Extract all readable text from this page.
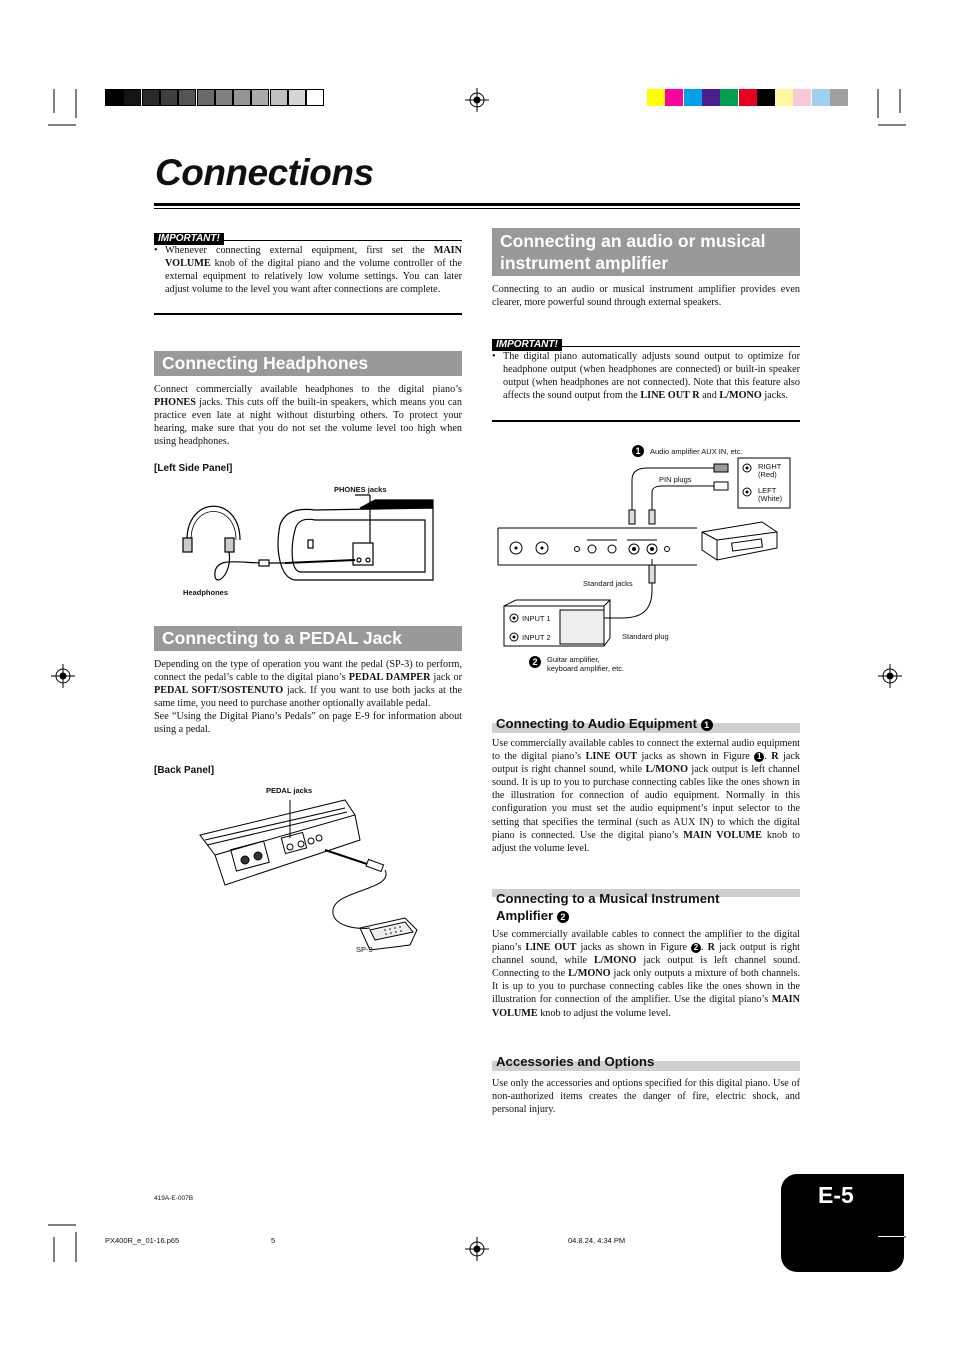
Connections
IMPORTANT!
• Whenever connecting external equipment, first set the MAIN VOLUME knob of the digital piano and the volume controller of the external equipment to relatively low volume settings. You can later adjust volume to the level you want after connections are complete.

Connecting Headphones

Connect commercially available headphones to the digital piano’s PHONES jacks. This cuts off the built-in speakers, which means you can practice even late at night without disturbing others. To protect your hearing, make sure that you do not set the volume level too high when using headphones.

[Left Side Panel]
PHONES jacks
Headphones
Connecting to a PEDAL Jack

Depending on the type of operation you want the pedal (SP-3) to perform, connect the pedal’s cable to the digital piano’s PEDAL DAMPER jack or PEDAL SOFT/SOSTENUTO jack. If you want to use both jacks at the same time, you need to purchase another optionally available pedal.

See “Using the Digital Piano’s Pedals” on page E-9 for information about using a pedal.

[Back Panel]
PEDAL jacks
SP-3
Connecting an audio or musical instrument amplifier
Connecting to an audio or musical instrument amplifier provides even clearer, more powerful sound through external speakers.
IMPORTANT!
• The digital piano automatically adjusts sound output to optimize for headphone output (when headphones are connected) or built-in speaker output (when headphones are not connected). Note that this feature also affects the sound output from the LINE OUT R and L/MONO jacks.

1	Audio amplifier AUX IN, etc.
RIGHT
(Red)
LEFT
(White)
PIN plugs
Standard jacks
Standard plug
INPUT 1
INPUT 2
2	Guitar amplifier,
keyboard amplifier, etc.
Connecting to Audio Equipment 1

Use commercially available cables to connect the external audio equipment to the digital piano’s LINE OUT jacks as shown in Figure 1 . R jack output is right channel sound, while L/MONO jack output is left channel sound. It is up to you to purchase connecting cables like the ones shown in the illustration for connection of audio equipment. Normally in this configuration you must set the audio equipment’s input selector to the setting that specifies the terminal (such as AUX IN) to which the digital piano is connected. Use the digital piano’s MAIN VOLUME knob to adjust the volume level.

Connecting to a Musical Instrument
Amplifier 2

Use commercially available cables to connect the amplifier to the digital piano’s LINE OUT jacks as shown in Figure 2 . R jack output is right channel sound, while L/MONO jack output is left channel sound. Connecting to the L/MONO jack only outputs a mixture of both channels. It is up to you to purchase connecting cables like the ones shown in the illustration for connection of the amplifier. Use the digital piano’s MAIN VOLUME knob to adjust the volume level.

Accessories and Options
Use only the accessories and options specified for this digital piano. Use of non-authorized items creates the danger of fire, electric shock, and personal injury.
419A-E-007B
PX400R_e_01-16.p65	5	04.8.24, 4:34 PM
E-5
